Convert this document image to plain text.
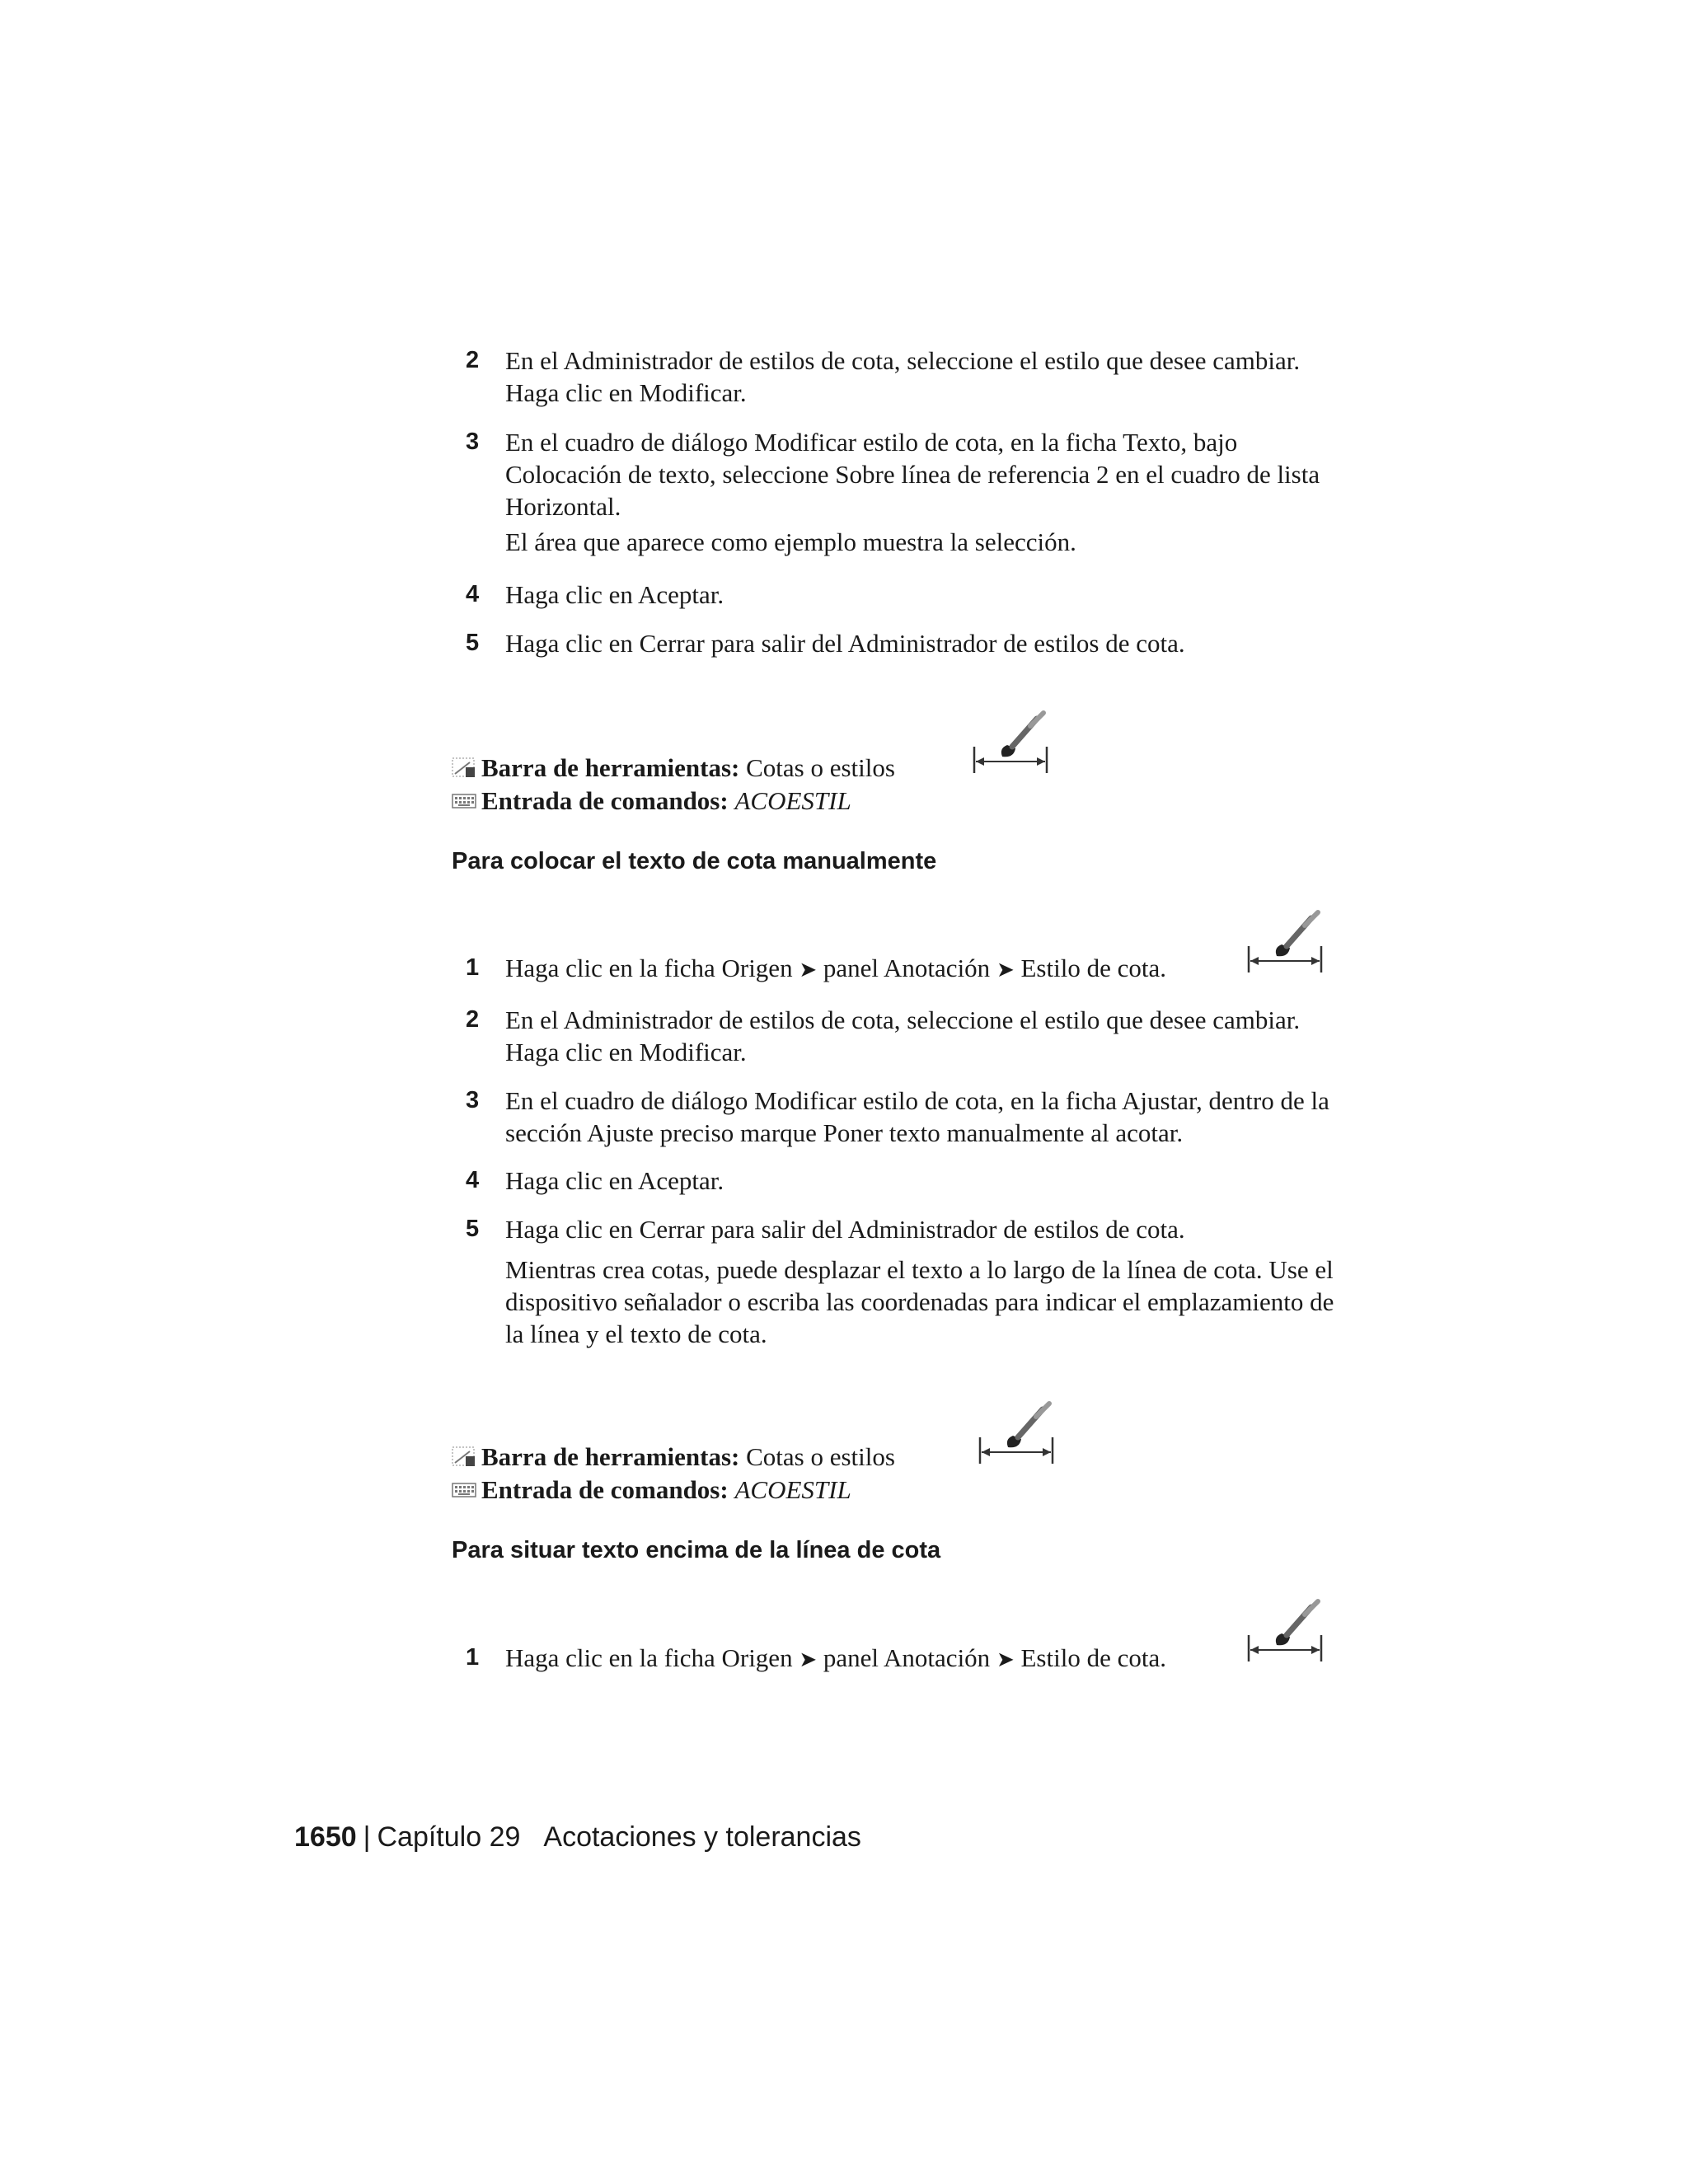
2	En el Administrador de estilos de cota, seleccione el estilo que desee cambiar. Haga clic en Modificar.
3	En el cuadro de diálogo Modificar estilo de cota, en la ficha Texto, bajo Colocación de texto, seleccione Sobre línea de referencia 2 en el cuadro de lista Horizontal.
El área que aparece como ejemplo muestra la selección.
4	Haga clic en Aceptar.
5	Haga clic en Cerrar para salir del Administrador de estilos de cota.
Barra de herramientas: Cotas o estilos
Entrada de comandos: ACOESTIL
Para colocar el texto de cota manualmente
1	Haga clic en la ficha Origen ➤ panel Anotación ➤ Estilo de cota.
2	En el Administrador de estilos de cota, seleccione el estilo que desee cambiar. Haga clic en Modificar.
3	En el cuadro de diálogo Modificar estilo de cota, en la ficha Ajustar, dentro de la sección Ajuste preciso marque Poner texto manualmente al acotar.
4	Haga clic en Aceptar.
5	Haga clic en Cerrar para salir del Administrador de estilos de cota.
Mientras crea cotas, puede desplazar el texto a lo largo de la línea de cota. Use el dispositivo señalador o escriba las coordenadas para indicar el emplazamiento de la línea y el texto de cota.
Barra de herramientas: Cotas o estilos
Entrada de comandos: ACOESTIL
Para situar texto encima de la línea de cota
1	Haga clic en la ficha Origen ➤ panel Anotación ➤ Estilo de cota.
1650 | Capítulo 29 Acotaciones y tolerancias
